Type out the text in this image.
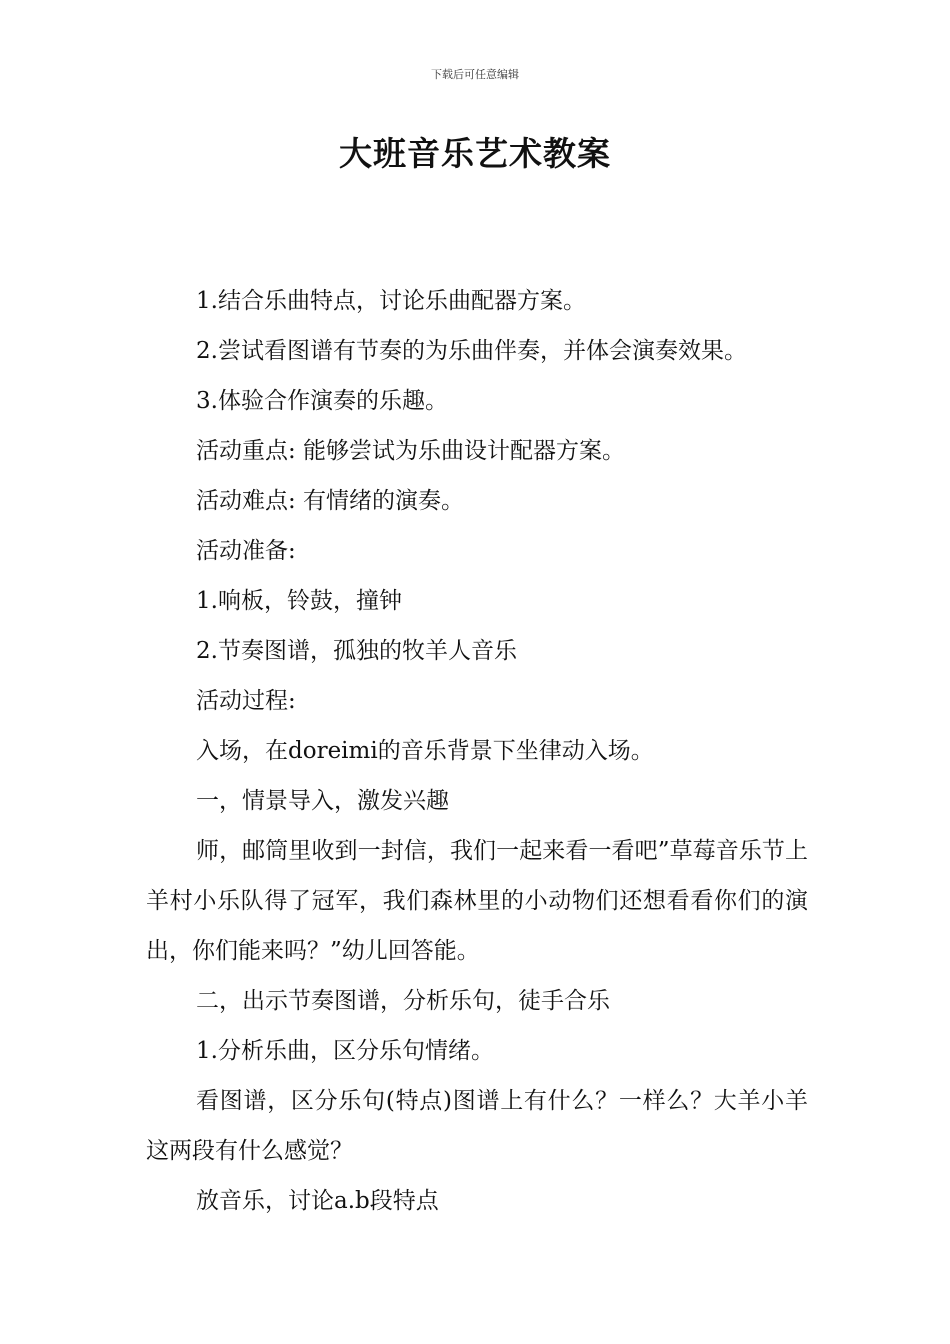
下载后可任意编辑
大班音乐艺术教案

1.结合乐曲特点，讨论乐曲配器方案。

2.尝试看图谱有节奏的为乐曲伴奏，并体会演奏效果。

3.体验合作演奏的乐趣。

活动重点: 能够尝试为乐曲设计配器方案。

活动难点: 有情绪的演奏。

活动准备:

1.响板，铃鼓，撞钟

2.节奏图谱，孤独的牧羊人音乐

活动过程:

入场，在doreimi的音乐背景下坐律动入场。

一，情景导入，激发兴趣

师，邮筒里收到一封信，我们一起来看一看吧”草莓音乐节上羊村小乐队得了冠军，我们森林里的小动物们还想看看你们的演出，你们能来吗？”幼儿回答能。

二，出示节奏图谱，分析乐句，徒手合乐

1.分析乐曲，区分乐句情绪。

看图谱，区分乐句(特点)图谱上有什么？一样么？大羊小羊这两段有什么感觉？

放音乐，讨论a.b段特点
